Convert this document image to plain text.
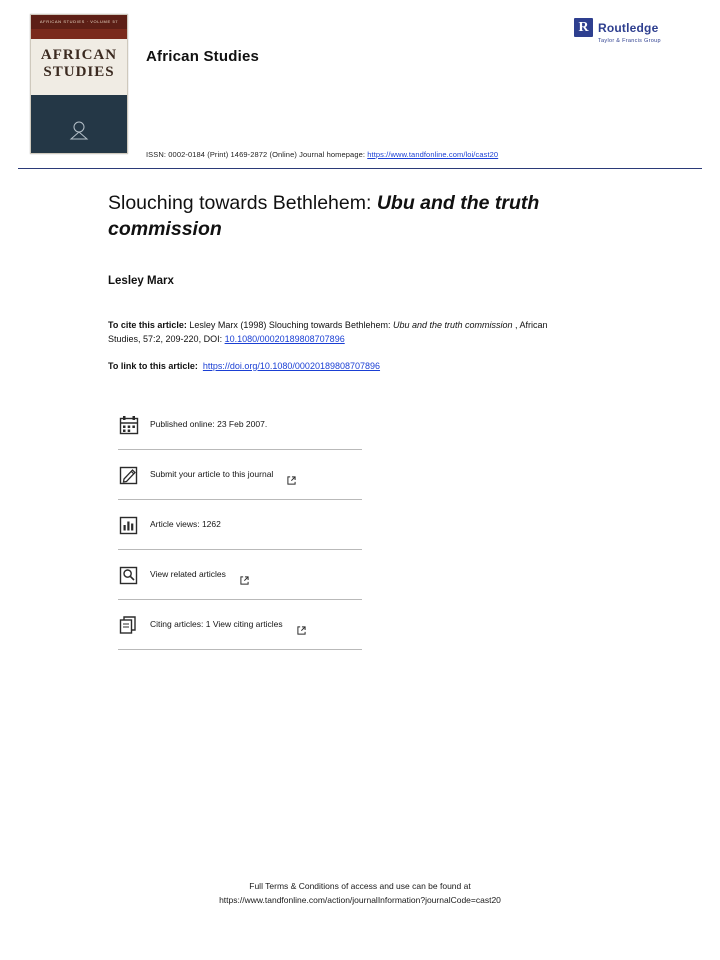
AFRICAN STUDIES · VOLUME 57
AFRICAN
STUDIES
African Studies
R Routledge
Taylor & Francis Group
ISSN: 0002-0184 (Print) 1469-2872 (Online) Journal homepage: https://www.tandfonline.com/loi/cast20
Slouching towards Bethlehem: Ubu and the truth commission
Lesley Marx
To cite this article: Lesley Marx (1998) Slouching towards Bethlehem: Ubu and the truth commission , African Studies, 57:2, 209-220, DOI: 10.1080/00020189808707896
To link to this article:  https://doi.org/10.1080/00020189808707896
Published online: 23 Feb 2007.
Submit your article to this journal
Article views: 1262
View related articles
Citing articles: 1 View citing articles
Full Terms & Conditions of access and use can be found at
https://www.tandfonline.com/action/journalInformation?journalCode=cast20
